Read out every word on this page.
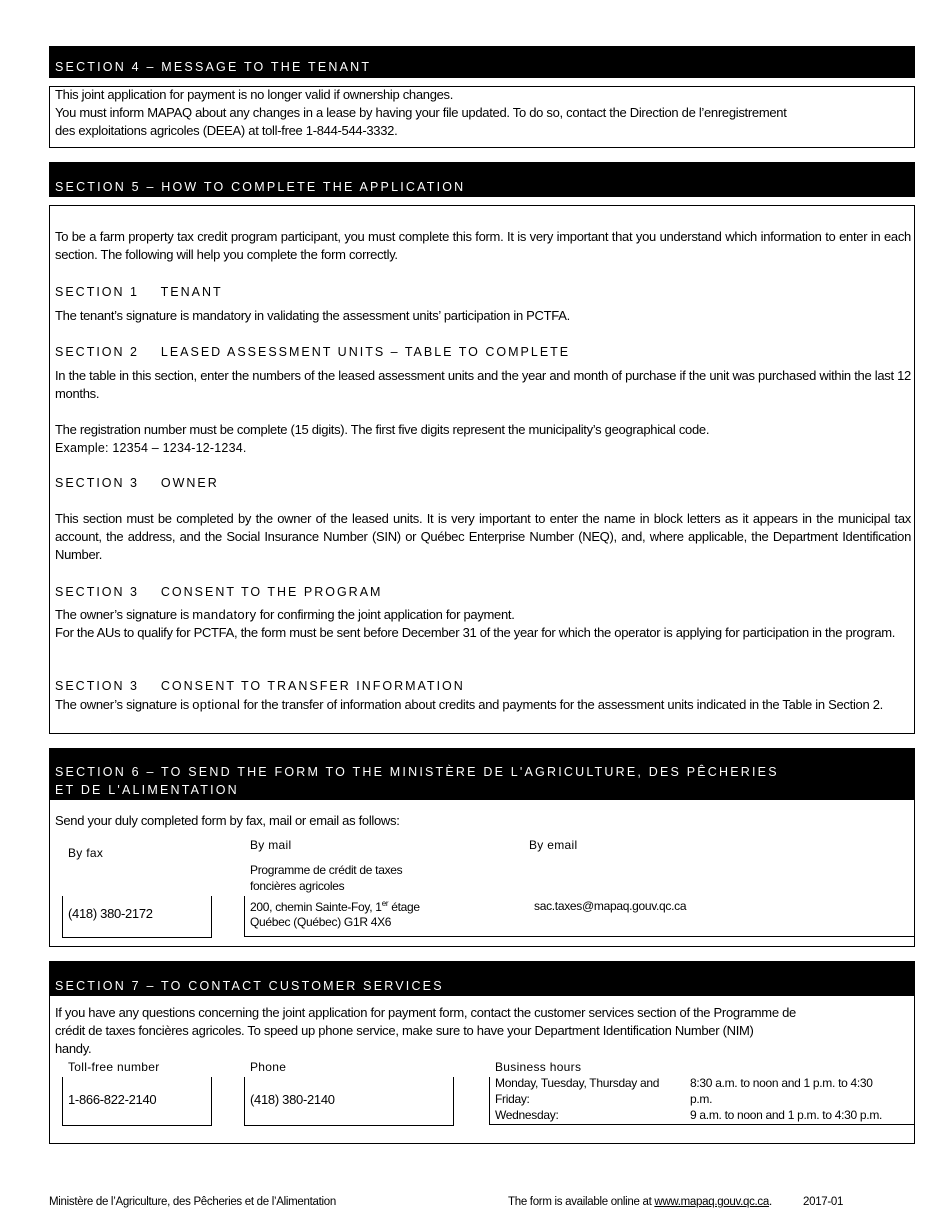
SECTION 4 – MESSAGE TO THE TENANT
This joint application for payment is no longer valid if ownership changes.
You must inform MAPAQ about any changes in a lease by having your file updated. To do so, contact the Direction de l’enregistrement
des exploitations agricoles (DEEA) at toll-free 1-844-544-3332.
SECTION 5 – HOW TO COMPLETE THE APPLICATION
To be a farm property tax credit program participant, you must complete this form. It is very important that you understand which information to enter in each section. The following will help you complete the form correctly.
SECTION 1    TENANT
The tenant’s signature is mandatory in validating the assessment units’ participation in PCTFA.
SECTION 2    LEASED ASSESSMENT UNITS – TABLE TO COMPLETE
In the table in this section, enter the numbers of the leased assessment units and the year and month of purchase if the unit was purchased within the last 12 months.
The registration number must be complete (15 digits). The first five digits represent the municipality’s geographical code.
Example: 12354 – 1234-12-1234.
SECTION 3    OWNER
This section must be completed by the owner of the leased units. It is very important to enter the name in block letters as it appears in the municipal tax account, the address, and the Social Insurance Number (SIN) or Québec Enterprise Number (NEQ), and, where applicable, the Department Identification Number.
SECTION 3    CONSENT TO THE PROGRAM
The owner’s signature is mandatory for confirming the joint application for payment.
For the AUs to qualify for PCTFA, the form must be sent before December 31 of the year for which the operator is applying for participation in the program.
SECTION 3    CONSENT TO TRANSFER INFORMATION
The owner’s signature is optional for the transfer of information about credits and payments for the assessment units indicated in the Table in Section 2.
SECTION 6 – TO SEND THE FORM TO THE MINISTÈRE DE L'AGRICULTURE, DES PÊCHERIES
ET DE L'ALIMENTATION
Send your duly completed form by fax, mail or email as follows:
By fax
(418) 380-2172
By mail
Programme de crédit de taxes
foncières agricoles
200, chemin Sainte-Foy, 1er étage
Québec (Québec) G1R 4X6
By email
sac.taxes@mapaq.gouv.qc.ca
SECTION 7 – TO CONTACT CUSTOMER SERVICES
If you have any questions concerning the joint application for payment form, contact the customer services section of the Programme de
crédit de taxes foncières agricoles. To speed up phone service, make sure to have your Department Identification Number (NIM)
handy.
Toll-free number
1-866-822-2140
Phone
(418) 380-2140
Business hours
Monday, Tuesday, Thursday and	8:30 a.m. to noon and 1 p.m. to 4:30
Friday:	p.m.
Wednesday:	9 a.m. to noon and 1 p.m. to 4:30 p.m.
Ministère de l’Agriculture, des Pêcheries et de l’Alimentation	The form is available online at www.mapaq.gouv.qc.ca.	2017-01
